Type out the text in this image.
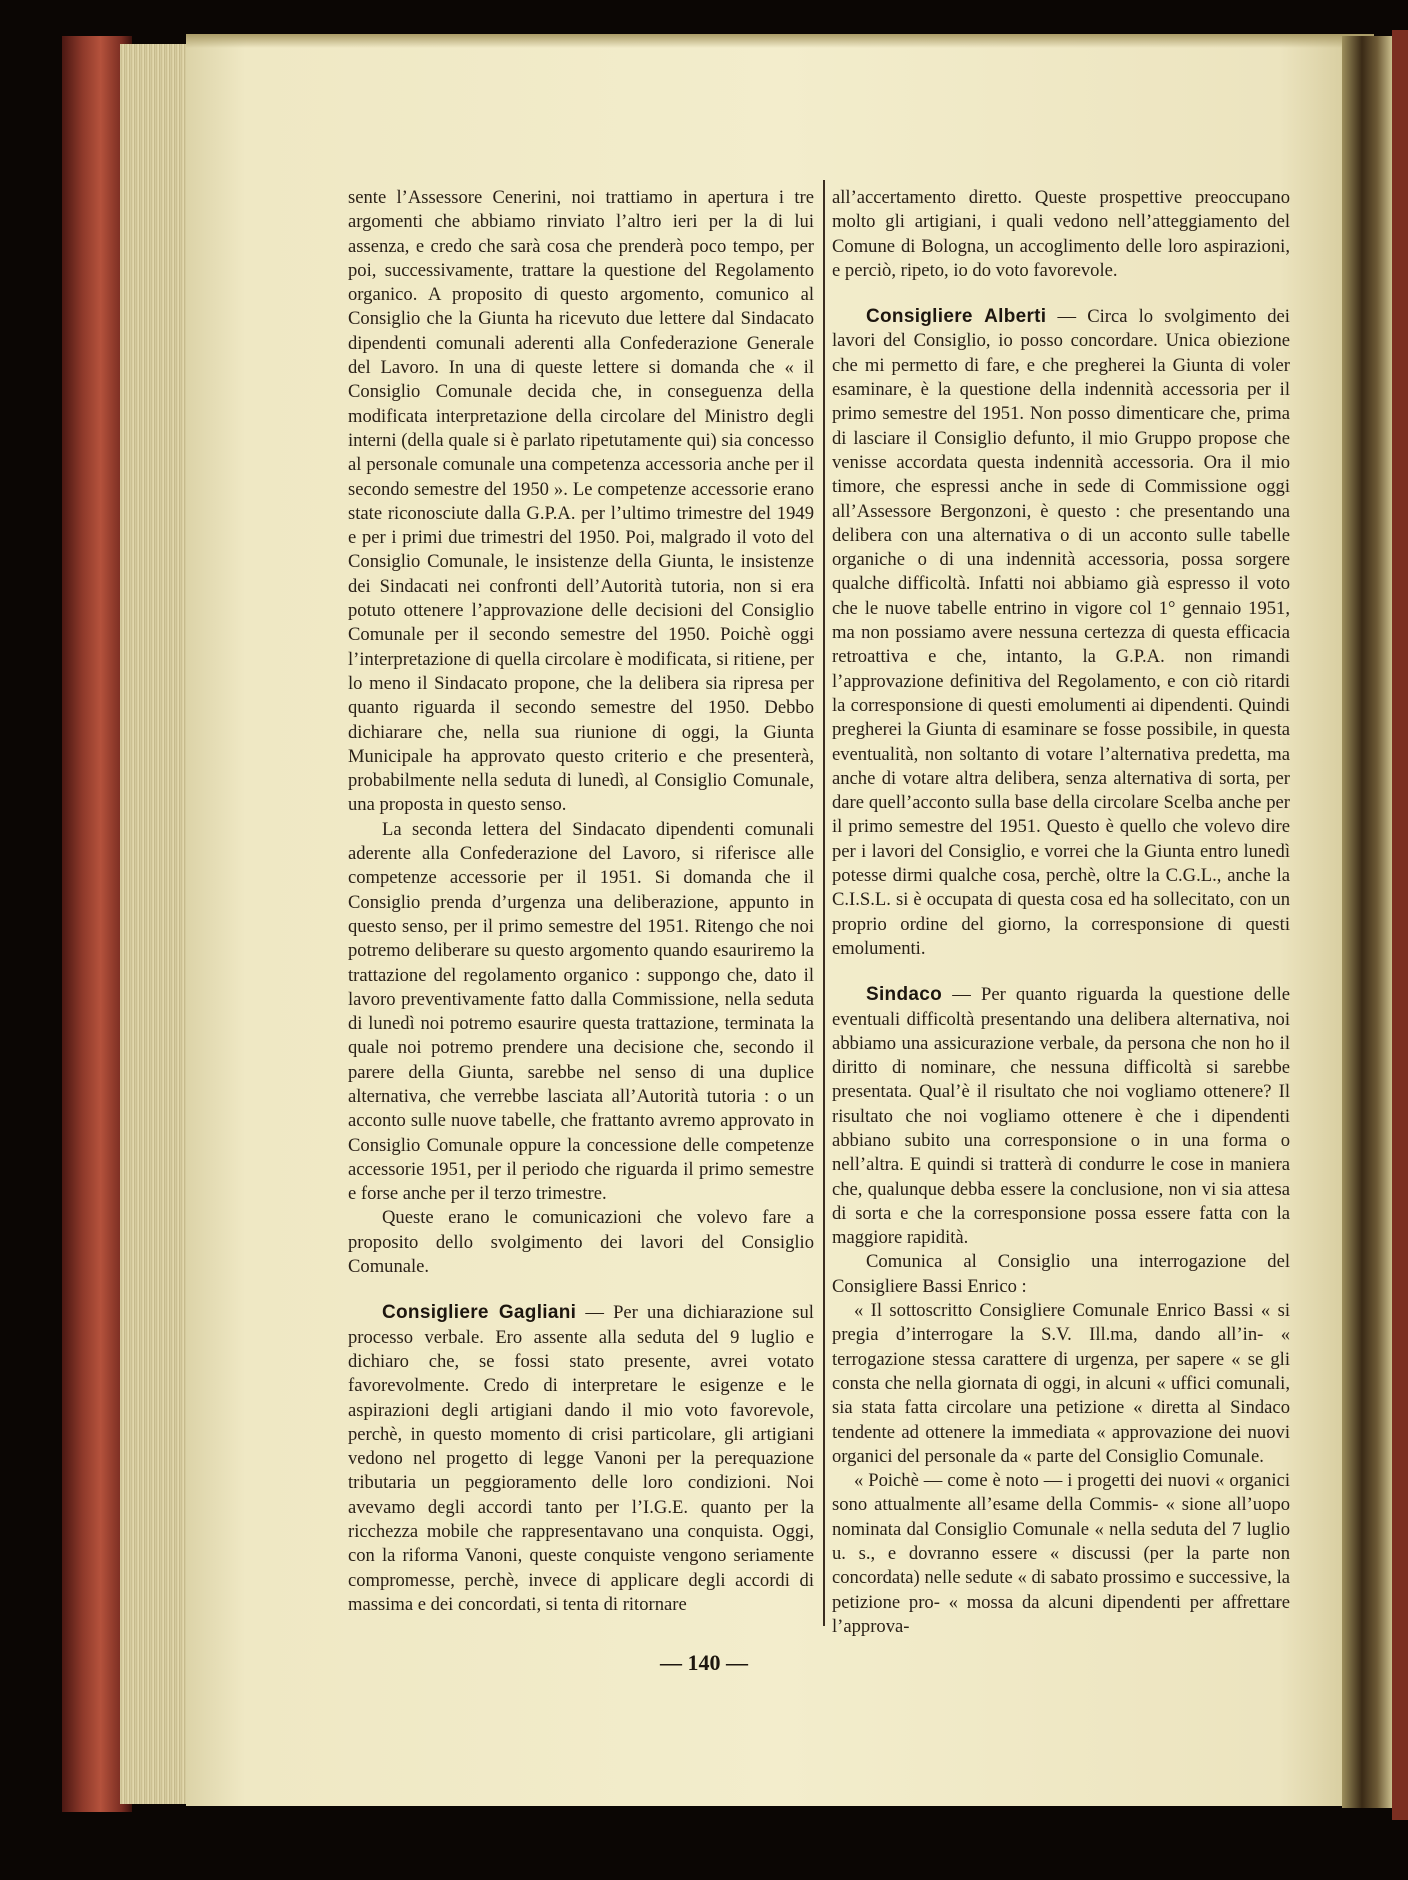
sente l’Assessore Cenerini, noi trattiamo in apertura i tre argomenti che abbiamo rinviato l’altro ieri per la di lui assenza, e credo che sarà cosa che prenderà poco tempo, per poi, successivamente, trattare la questione del Regolamento organico. A proposito di questo argomento, comunico al Consiglio che la Giunta ha ricevuto due lettere dal Sindacato dipendenti comunali aderenti alla Confederazione Generale del Lavoro. In una di queste lettere si domanda che « il Consiglio Comunale decida che, in conseguenza della modificata interpretazione della circolare del Ministro degli interni (della quale si è parlato ripetutamente qui) sia concesso al personale comunale una competenza accessoria anche per il secondo semestre del 1950 ». Le competenze accessorie erano state riconosciute dalla G.P.A. per l’ultimo trimestre del 1949 e per i primi due trimestri del 1950. Poi, malgrado il voto del Consiglio Comunale, le insistenze della Giunta, le insistenze dei Sindacati nei confronti dell’Autorità tutoria, non si era potuto ottenere l’approvazione delle decisioni del Consiglio Comunale per il secondo semestre del 1950. Poichè oggi l’interpretazione di quella circolare è modificata, si ritiene, per lo meno il Sindacato propone, che la delibera sia ripresa per quanto riguarda il secondo semestre del 1950. Debbo dichiarare che, nella sua riunione di oggi, la Giunta Municipale ha approvato questo criterio e che presenterà, probabilmente nella seduta di lunedì, al Consiglio Comunale, una proposta in questo senso.

La seconda lettera del Sindacato dipendenti comunali aderente alla Confederazione del Lavoro, si riferisce alle competenze accessorie per il 1951. Si domanda che il Consiglio prenda d’urgenza una deliberazione, appunto in questo senso, per il primo semestre del 1951. Ritengo che noi potremo deliberare su questo argomento quando esauriremo la trattazione del regolamento organico : suppongo che, dato il lavoro preventivamente fatto dalla Commissione, nella seduta di lunedì noi potremo esaurire questa trattazione, terminata la quale noi potremo prendere una decisione che, secondo il parere della Giunta, sarebbe nel senso di una duplice alternativa, che verrebbe lasciata all’Autorità tutoria : o un acconto sulle nuove tabelle, che frattanto avremo approvato in Consiglio Comunale oppure la concessione delle competenze accessorie 1951, per il periodo che riguarda il primo semestre e forse anche per il terzo trimestre.

Queste erano le comunicazioni che volevo fare a proposito dello svolgimento dei lavori del Consiglio Comunale.

Consigliere Gagliani — Per una dichiarazione sul processo verbale. Ero assente alla seduta del 9 luglio e dichiaro che, se fossi stato presente, avrei votato favorevolmente. Credo di interpretare le esigenze e le aspirazioni degli artigiani dando il mio voto favorevole, perchè, in questo momento di crisi particolare, gli artigiani vedono nel progetto di legge Vanoni per la perequazione tributaria un peggioramento delle loro condizioni. Noi avevamo degli accordi tanto per l’I.G.E. quanto per la ricchezza mobile che rappresentavano una conquista. Oggi, con la riforma Vanoni, queste conquiste vengono seriamente compromesse, perchè, invece di applicare degli accordi di massima e dei concordati, si tenta di ritornare

all’accertamento diretto. Queste prospettive preoccupano molto gli artigiani, i quali vedono nell’atteggiamento del Comune di Bologna, un accoglimento delle loro aspirazioni, e perciò, ripeto, io do voto favorevole.

Consigliere Alberti — Circa lo svolgimento dei lavori del Consiglio, io posso concordare. Unica obiezione che mi permetto di fare, e che pregherei la Giunta di voler esaminare, è la questione della indennità accessoria per il primo semestre del 1951. Non posso dimenticare che, prima di lasciare il Consiglio defunto, il mio Gruppo propose che venisse accordata questa indennità accessoria. Ora il mio timore, che espressi anche in sede di Commissione oggi all’Assessore Bergonzoni, è questo : che presentando una delibera con una alternativa o di un acconto sulle tabelle organiche o di una indennità accessoria, possa sorgere qualche difficoltà. Infatti noi abbiamo già espresso il voto che le nuove tabelle entrino in vigore col 1° gennaio 1951, ma non possiamo avere nessuna certezza di questa efficacia retroattiva e che, intanto, la G.P.A. non rimandi l’approvazione definitiva del Regolamento, e con ciò ritardi la corresponsione di questi emolumenti ai dipendenti. Quindi pregherei la Giunta di esaminare se fosse possibile, in questa eventualità, non soltanto di votare l’alternativa predetta, ma anche di votare altra delibera, senza alternativa di sorta, per dare quell’acconto sulla base della circolare Scelba anche per il primo semestre del 1951. Questo è quello che volevo dire per i lavori del Consiglio, e vorrei che la Giunta entro lunedì potesse dirmi qualche cosa, perchè, oltre la C.G.L., anche la C.I.S.L. si è occupata di questa cosa ed ha sollecitato, con un proprio ordine del giorno, la corresponsione di questi emolumenti.

Sindaco — Per quanto riguarda la questione delle eventuali difficoltà presentando una delibera alternativa, noi abbiamo una assicurazione verbale, da persona che non ho il diritto di nominare, che nessuna difficoltà si sarebbe presentata. Qual’è il risultato che noi vogliamo ottenere? Il risultato che noi vogliamo ottenere è che i dipendenti abbiano subito una corresponsione o in una forma o nell’altra. E quindi si tratterà di condurre le cose in maniera che, qualunque debba essere la conclusione, non vi sia attesa di sorta e che la corresponsione possa essere fatta con la maggiore rapidità.

Comunica al Consiglio una interrogazione del Consigliere Bassi Enrico :

« Il sottoscritto Consigliere Comunale Enrico Bassi « si pregia d’interrogare la S.V. Ill.ma, dando all’in- « terrogazione stessa carattere di urgenza, per sapere « se gli consta che nella giornata di oggi, in alcuni « uffici comunali, sia stata fatta circolare una petizione « diretta al Sindaco tendente ad ottenere la immediata « approvazione dei nuovi organici del personale da « parte del Consiglio Comunale.

« Poichè — come è noto — i progetti dei nuovi « organici sono attualmente all’esame della Commis- « sione all’uopo nominata dal Consiglio Comunale « nella seduta del 7 luglio u. s., e dovranno essere « discussi (per la parte non concordata) nelle sedute « di sabato prossimo e successive, la petizione pro- « mossa da alcuni dipendenti per affrettare l’approva-

— 140 —
